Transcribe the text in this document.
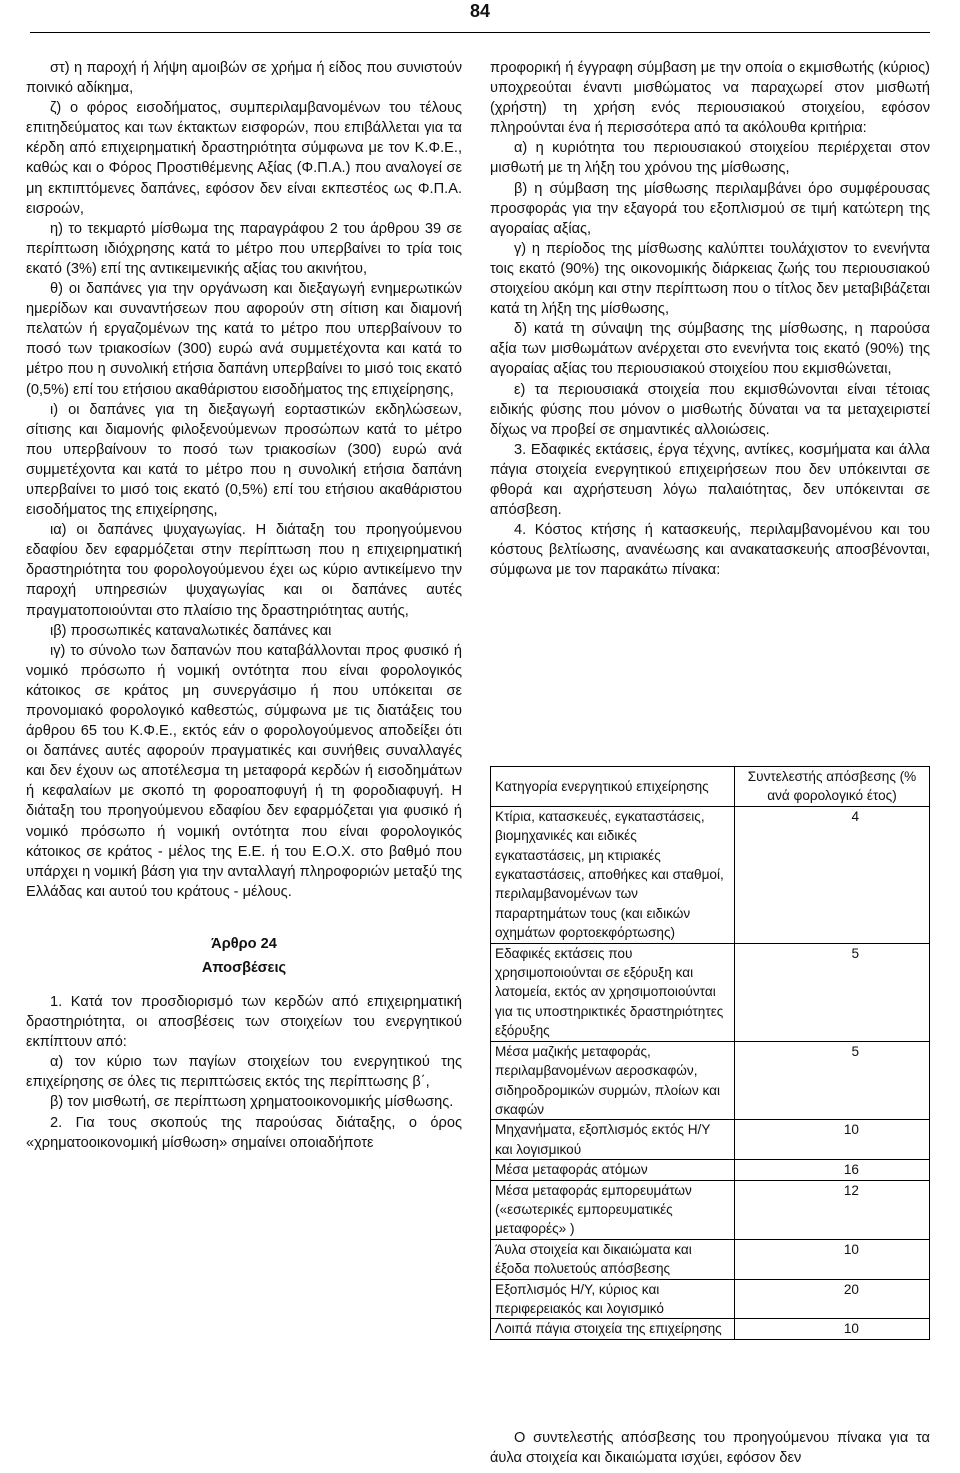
84

στ) η παροχή ή λήψη αμοιβών σε χρήμα ή είδος που συνιστούν ποινικό αδίκημα,

ζ) ο φόρος εισοδήματος, συμπεριλαμβανομένων του τέλους επιτηδεύματος και των έκτακτων εισφορών, που επιβάλλεται για τα κέρδη από επιχειρηματική δραστηριότητα σύμφωνα με τον Κ.Φ.Ε., καθώς και ο Φόρος Προστιθέμενης Αξίας (Φ.Π.Α.) που αναλογεί σε μη εκπιπτόμενες δαπάνες, εφόσον δεν είναι εκπεστέος ως Φ.Π.Α. εισροών,

η) το τεκμαρτό μίσθωμα της παραγράφου 2 του άρθρου 39 σε περίπτωση ιδιόχρησης κατά το μέτρο που υπερβαίνει το τρία τοις εκατό (3%) επί της αντικειμενικής αξίας του ακινήτου,

θ) οι δαπάνες για την οργάνωση και διεξαγωγή ενημερωτικών ημερίδων και συναντήσεων που αφορούν στη σίτιση και διαμονή πελατών ή εργαζομένων της κατά το μέτρο που υπερβαίνουν το ποσό των τριακοσίων (300) ευρώ ανά συμμετέχοντα και κατά το μέτρο που η συνολική ετήσια δαπάνη υπερβαίνει το μισό τοις εκατό (0,5%) επί του ετήσιου ακαθάριστου εισοδήματος της επιχείρησης,

ι) οι δαπάνες για τη διεξαγωγή εορταστικών εκδηλώσεων, σίτισης και διαμονής φιλοξενούμενων προσώπων κατά το μέτρο που υπερβαίνουν το ποσό των τριακοσίων (300) ευρώ ανά συμμετέχοντα και κατά το μέτρο που η συνολική ετήσια δαπάνη υπερβαίνει το μισό τοις εκατό (0,5%) επί του ετήσιου ακαθάριστου εισοδήματος της επιχείρησης,

ια) οι δαπάνες ψυχαγωγίας. Η διάταξη του προηγούμενου εδαφίου δεν εφαρμόζεται στην περίπτωση που η επιχειρηματική δραστηριότητα του φορολογούμενου έχει ως κύριο αντικείμενο την παροχή υπηρεσιών ψυχαγωγίας και οι δαπάνες αυτές πραγματοποιούνται στο πλαίσιο της δραστηριότητας αυτής,

ιβ) προσωπικές καταναλωτικές δαπάνες και

ιγ) το σύνολο των δαπανών που καταβάλλονται προς φυσικό ή νομικό πρόσωπο ή νομική οντότητα που είναι φορολογικός κάτοικος σε κράτος μη συνεργάσιμο ή που υπόκειται σε προνομιακό φορολογικό καθεστώς, σύμφωνα με τις διατάξεις του άρθρου 65 του Κ.Φ.Ε., εκτός εάν ο φορολογούμενος αποδείξει ότι οι δαπάνες αυτές αφορούν πραγματικές και συνήθεις συναλλαγές και δεν έχουν ως αποτέλεσμα τη μεταφορά κερδών ή εισοδημάτων ή κεφαλαίων με σκοπό τη φοροαποφυγή ή τη φοροδιαφυγή. Η διάταξη του προηγούμενου εδαφίου δεν εφαρμόζεται για φυσικό ή νομικό πρόσωπο ή νομική οντότητα που είναι φορολογικός κάτοικος σε κράτος - μέλος της Ε.Ε. ή του Ε.Ο.Χ. στο βαθμό που υπάρχει η νομική βάση για την ανταλλαγή πληροφοριών μεταξύ της Ελλάδας και αυτού του κράτους - μέλους.

Άρθρο 24

Αποσβέσεις

1. Κατά τον προσδιορισμό των κερδών από επιχειρηματική δραστηριότητα, οι αποσβέσεις των στοιχείων του ενεργητικού εκπίπτουν από:

α) τον κύριο των παγίων στοιχείων του ενεργητικού της επιχείρησης σε όλες τις περιπτώσεις εκτός της περίπτωσης β΄,

β) τον μισθωτή, σε περίπτωση χρηματοοικονομικής μίσθωσης.

2. Για τους σκοπούς της παρούσας διάταξης, ο όρος «χρηματοοικονομική μίσθωση» σημαίνει οποιαδήποτε

προφορική ή έγγραφη σύμβαση με την οποία ο εκμισθωτής (κύριος) υποχρεούται έναντι μισθώματος να παραχωρεί στον μισθωτή (χρήστη) τη χρήση ενός περιουσιακού στοιχείου, εφόσον πληρούνται ένα ή περισσότερα από τα ακόλουθα κριτήρια:

α) η κυριότητα του περιουσιακού στοιχείου περιέρχεται στον μισθωτή με τη λήξη του χρόνου της μίσθωσης,

β) η σύμβαση της μίσθωσης περιλαμβάνει όρο συμφέρουσας προσφοράς για την εξαγορά του εξοπλισμού σε τιμή κατώτερη της αγοραίας αξίας,

γ) η περίοδος της μίσθωσης καλύπτει τουλάχιστον το ενενήντα τοις εκατό (90%) της οικονομικής διάρκειας ζωής του περιουσιακού στοιχείου ακόμη και στην περίπτωση που ο τίτλος δεν μεταβιβάζεται κατά τη λήξη της μίσθωσης,

δ) κατά τη σύναψη της σύμβασης της μίσθωσης, η παρούσα αξία των μισθωμάτων ανέρχεται στο ενενήντα τοις εκατό (90%) της αγοραίας αξίας του περιουσιακού στοιχείου που εκμισθώνεται,

ε) τα περιουσιακά στοιχεία που εκμισθώνονται είναι τέτοιας ειδικής φύσης που μόνον ο μισθωτής δύναται να τα μεταχειριστεί δίχως να προβεί σε σημαντικές αλλοιώσεις.

3. Εδαφικές εκτάσεις, έργα τέχνης, αντίκες, κοσμήματα και άλλα πάγια στοιχεία ενεργητικού επιχειρήσεων που δεν υπόκεινται σε φθορά και αχρήστευση λόγω παλαιότητας, δεν υπόκεινται σε απόσβεση.

4. Κόστος κτήσης ή κατασκευής, περιλαμβανομένου και του κόστους βελτίωσης, ανανέωσης και ανακατασκευής αποσβένονται, σύμφωνα με τον παρακάτω πίνακα:

Κατηγορία ενεργητικού επιχείρησης	Συντελεστής απόσβεσης (% ανά φορολογικό έτος)
Κτίρια, κατασκευές, εγκαταστάσεις, βιομηχανικές και ειδικές εγκαταστάσεις, μη κτιριακές εγκαταστάσεις, αποθήκες και σταθμοί, περιλαμβανομένων των παραρτημάτων τους (και ειδικών οχημάτων φορτοεκφόρτωσης)	4
Εδαφικές εκτάσεις που χρησιμοποιούνται σε εξόρυξη και λατομεία, εκτός αν χρησιμοποιούνται για τις υποστηρικτικές δραστηριότητες εξόρυξης	5
Μέσα μαζικής μεταφοράς, περιλαμβανομένων αεροσκαφών, σιδηροδρομικών συρμών, πλοίων και σκαφών	5
Μηχανήματα, εξοπλισμός εκτός Η/Υ και λογισμικού	10
Μέσα μεταφοράς ατόμων	16
Μέσα μεταφοράς εμπορευμάτων («εσωτερικές εμπορευματικές μεταφορές» )	12
Άυλα στοιχεία και δικαιώματα και έξοδα πολυετούς απόσβεσης	10
Εξοπλισμός Η/Υ, κύριος και περιφερειακός και λογισμικό	20
Λοιπά πάγια στοιχεία της επιχείρησης	10
Ο συντελεστής απόσβεσης του προηγούμενου πίνακα για τα άυλα στοιχεία και δικαιώματα ισχύει, εφόσον δεν
